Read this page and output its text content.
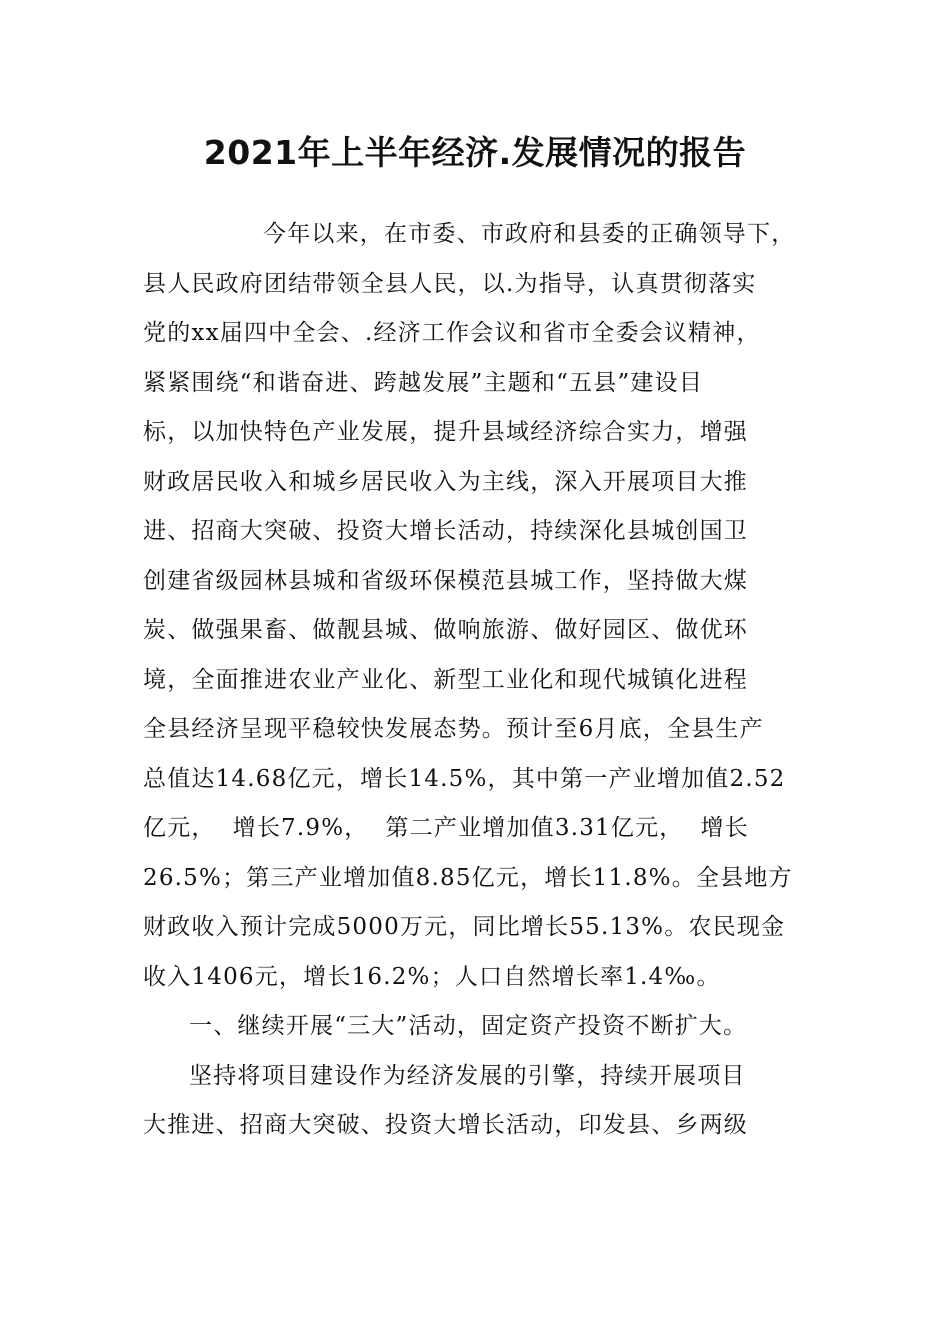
2021年上半年经济.发展情况的报告
今年以来，在市委、市政府和县委的正确领导下，
县人民政府团结带领全县人民，以.为指导，认真贯彻落实
党的xx届四中全会、.经济工作会议和省市全委会议精神，
紧紧围绕“和谐奋进、跨越发展”主题和“五县”建设目
标，以加快特色产业发展，提升县域经济综合实力，增强
财政居民收入和城乡居民收入为主线，深入开展项目大推
进、招商大突破、投资大增长活动，持续深化县城创国卫
创建省级园林县城和省级环保模范县城工作，坚持做大煤
炭、做强果畜、做靓县城、做响旅游、做好园区、做优环
境，全面推进农业产业化、新型工业化和现代城镇化进程
全县经济呈现平稳较快发展态势。预计至6月底，全县生产
总值达14.68亿元，增长14.5%，其中第一产业增加值2.52
亿元，  增长7.9%，  第二产业增加值3.31亿元，  增长
26.5%；第三产业增加值8.85亿元，增长11.8%。全县地方
财政收入预计完成5000万元，同比增长55.13%。农民现金
收入1406元，增长16.2%；人口自然增长率1.4‰。
一、继续开展“三大”活动，固定资产投资不断扩大。
坚持将项目建设作为经济发展的引擎，持续开展项目
大推进、招商大突破、投资大增长活动，印发县、乡两级
